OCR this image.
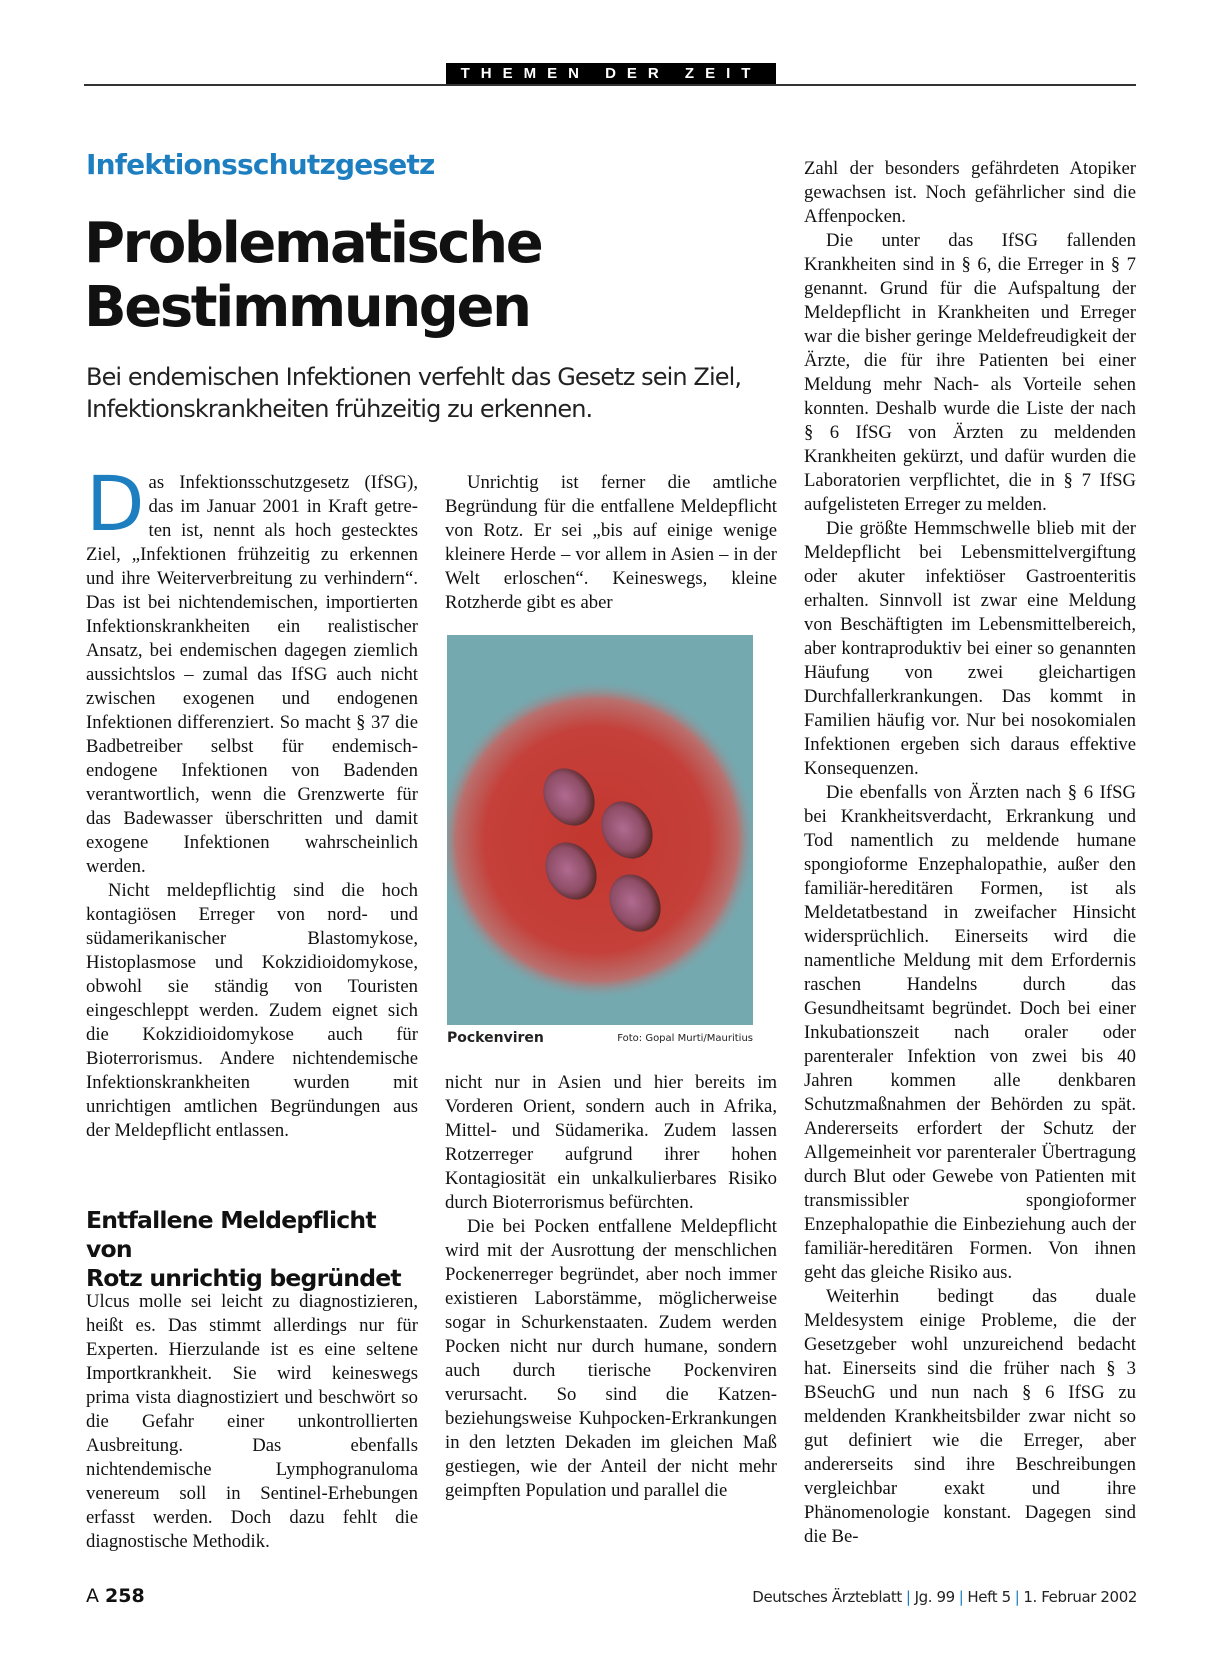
THEMEN DER ZEIT
Infektionsschutzgesetz
Problematische
Bestimmungen
Bei endemischen Infektionen verfehlt das Gesetz sein Ziel,
Infektionskrankheiten frühzeitig zu erkennen.

Das Infektionsschutzgesetz (IfSG), das im Januar 2001 in Kraft getre-ten ist, nennt als hoch gestecktes Ziel, „Infektionen frühzeitig zu erkennen und ihre Weiterverbreitung zu verhindern“. Das ist bei nichtendemischen, importierten Infektionskrankheiten ein realistischer Ansatz, bei endemischen dagegen ziemlich aussichtslos – zumal das IfSG auch nicht zwischen exogenen und endogenen Infektionen differenziert. So macht § 37 die Badbetreiber selbst für endemisch-endogene Infektionen von Badenden verantwortlich, wenn die Grenzwerte für das Badewasser überschritten und damit exogene Infektionen wahrscheinlich werden.

Nicht meldepflichtig sind die hoch kontagiösen Erreger von nord- und südamerikanischer Blastomykose, Histoplasmose und Kokzidioidomykose, obwohl sie ständig von Touristen eingeschleppt werden. Zudem eignet sich die Kokzidioidomykose auch für Bioterrorismus. Andere nichtendemische Infektionskrankheiten wurden mit unrichtigen amtlichen Begründungen aus der Meldepflicht entlassen.

Entfallene Meldepflicht von
Rotz unrichtig begründet

Ulcus molle sei leicht zu diagnostizieren, heißt es. Das stimmt allerdings nur für Experten. Hierzulande ist es eine seltene Importkrankheit. Sie wird keineswegs prima vista diagnostiziert und beschwört so die Gefahr einer unkontrollierten Ausbreitung. Das ebenfalls nichtendemische Lymphogranuloma venereum soll in Sentinel-Erhebungen erfasst werden. Doch dazu fehlt die diagnostische Methodik.

Unrichtig ist ferner die amtliche Begründung für die entfallene Meldepflicht von Rotz. Er sei „bis auf einige wenige kleinere Herde – vor allem in Asien – in der Welt erloschen“. Keineswegs, kleine Rotzherde gibt es aber

Pockenviren	Foto: Gopal Murti/Mauritius

nicht nur in Asien und hier bereits im Vorderen Orient, sondern auch in Afrika, Mittel- und Südamerika. Zudem lassen Rotzerreger aufgrund ihrer hohen Kontagiosität ein unkalkulierbares Risiko durch Bioterrorismus befürchten.

Die bei Pocken entfallene Meldepflicht wird mit der Ausrottung der menschlichen Pockenerreger begründet, aber noch immer existieren Laborstämme, möglicherweise sogar in Schurkenstaaten. Zudem werden Pocken nicht nur durch humane, sondern auch durch tierische Pockenviren verursacht. So sind die Katzen- beziehungsweise Kuhpocken-Erkrankungen in den letzten Dekaden im gleichen Maß gestiegen, wie der Anteil der nicht mehr geimpften Population und parallel die

Zahl der besonders gefährdeten Atopiker gewachsen ist. Noch gefährlicher sind die Affenpocken.

Die unter das IfSG fallenden Krankheiten sind in § 6, die Erreger in § 7 genannt. Grund für die Aufspaltung der Meldepflicht in Krankheiten und Erreger war die bisher geringe Meldefreudigkeit der Ärzte, die für ihre Patienten bei einer Meldung mehr Nach- als Vorteile sehen konnten. Deshalb wurde die Liste der nach § 6 IfSG von Ärzten zu meldenden Krankheiten gekürzt, und dafür wurden die Laboratorien verpflichtet, die in § 7 IfSG aufgelisteten Erreger zu melden.

Die größte Hemmschwelle blieb mit der Meldepflicht bei Lebensmittelvergiftung oder akuter infektiöser Gastroenteritis erhalten. Sinnvoll ist zwar eine Meldung von Beschäftigten im Lebensmittelbereich, aber kontraproduktiv bei einer so genannten Häufung von zwei gleichartigen Durchfallerkrankungen. Das kommt in Familien häufig vor. Nur bei nosokomialen Infektionen ergeben sich daraus effektive Konsequenzen.

Die ebenfalls von Ärzten nach § 6 IfSG bei Krankheitsverdacht, Erkrankung und Tod namentlich zu meldende humane spongioforme Enzephalopathie, außer den familiär-hereditären Formen, ist als Meldetatbestand in zweifacher Hinsicht widersprüchlich. Einerseits wird die namentliche Meldung mit dem Erfordernis raschen Handelns durch das Gesundheitsamt begründet. Doch bei einer Inkubationszeit nach oraler oder parenteraler Infektion von zwei bis 40 Jahren kommen alle denkbaren Schutzmaßnahmen der Behörden zu spät. Andererseits erfordert der Schutz der Allgemeinheit vor parenteraler Übertragung durch Blut oder Gewebe von Patienten mit transmissibler spongioformer Enzephalopathie die Einbeziehung auch der familiär-hereditären Formen. Von ihnen geht das gleiche Risiko aus.

Weiterhin bedingt das duale Meldesystem einige Probleme, die der Gesetzgeber wohl unzureichend bedacht hat. Einerseits sind die früher nach § 3 BSeuchG und nun nach § 6 IfSG zu meldenden Krankheitsbilder zwar nicht so gut definiert wie die Erreger, aber andererseits sind ihre Beschreibungen vergleichbar exakt und ihre Phänomenologie konstant. Dagegen sind die Be-

A 258	Deutsches Ärzteblatt | Jg. 99 | Heft 5 | 1. Februar 2002
